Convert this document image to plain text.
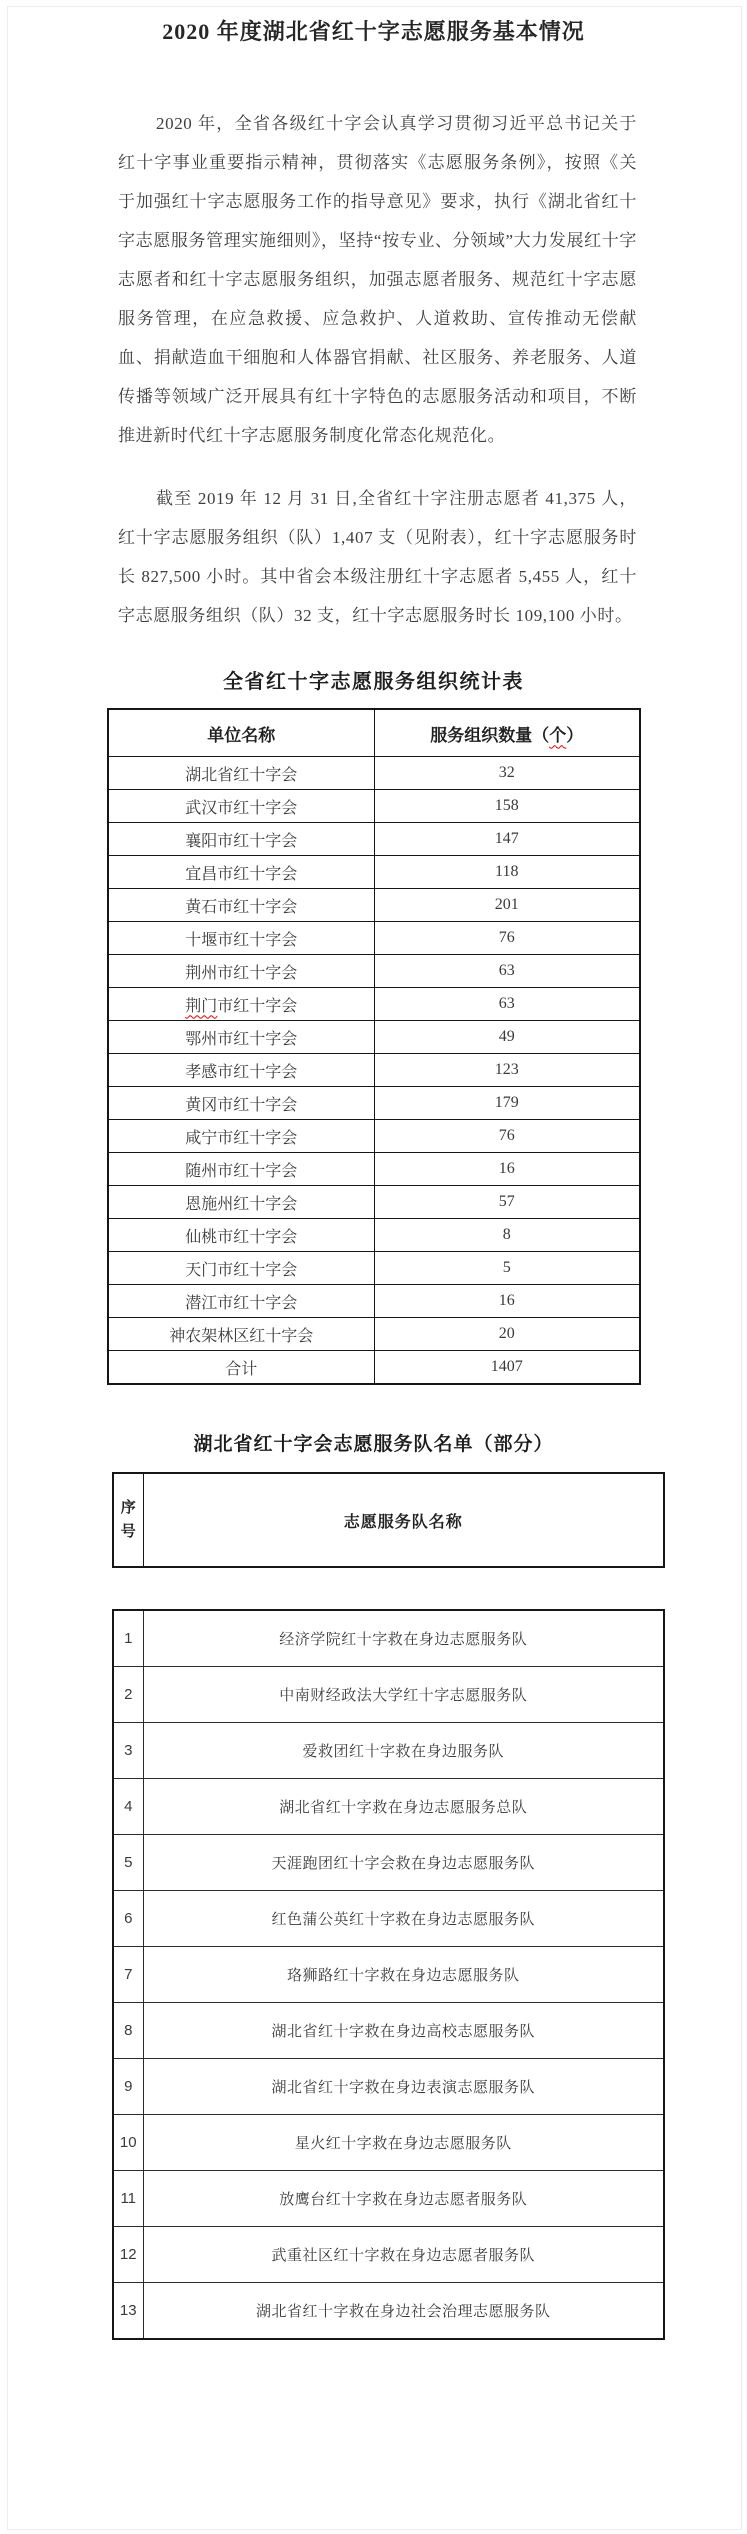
2020 年度湖北省红十字志愿服务基本情况

2020 年，全省各级红十字会认真学习贯彻习近平总书记关于红十字事业重要指示精神，贯彻落实《志愿服务条例》，按照《关于加强红十字志愿服务工作的指导意见》要求，执行《湖北省红十字志愿服务管理实施细则》，坚持“按专业、分领域”大力发展红十字志愿者和红十字志愿服务组织，加强志愿者服务、规范红十字志愿服务管理，在应急救援、应急救护、人道救助、宣传推动无偿献血、捐献造血干细胞和人体器官捐献、社区服务、养老服务、人道传播等领域广泛开展具有红十字特色的志愿服务活动和项目，不断推进新时代红十字志愿服务制度化常态化规范化。

截至 2019 年 12 月 31 日,全省红十字注册志愿者 41,375 人，红十字志愿服务组织（队）1,407 支（见附表），红十字志愿服务时长 827,500 小时。其中省会本级注册红十字志愿者 5,455 人，红十字志愿服务组织（队）32 支，红十字志愿服务时长 109,100 小时。

全省红十字志愿服务组织统计表
单位名称	服务组织数量（个）
湖北省红十字会	32
武汉市红十字会	158
襄阳市红十字会	147
宜昌市红十字会	118
黄石市红十字会	201
十堰市红十字会	76
荆州市红十字会	63
荆门市红十字会	63
鄂州市红十字会	49
孝感市红十字会	123
黄冈市红十字会	179
咸宁市红十字会	76
随州市红十字会	16
恩施州红十字会	57
仙桃市红十字会	8
天门市红十字会	5
潜江市红十字会	16
神农架林区红十字会	20
合计	1407
湖北省红十字会志愿服务队名单（部分）
序
号
	志愿服务队名称
1	经济学院红十字救在身边志愿服务队
2	中南财经政法大学红十字志愿服务队
3	爱救团红十字救在身边服务队
4	湖北省红十字救在身边志愿服务总队
5	天涯跑团红十字会救在身边志愿服务队
6	红色蒲公英红十字救在身边志愿服务队
7	珞狮路红十字救在身边志愿服务队
8	湖北省红十字救在身边高校志愿服务队
9	湖北省红十字救在身边表演志愿服务队
10	星火红十字救在身边志愿服务队
11	放鹰台红十字救在身边志愿者服务队
12	武重社区红十字救在身边志愿者服务队
13	湖北省红十字救在身边社会治理志愿服务队
